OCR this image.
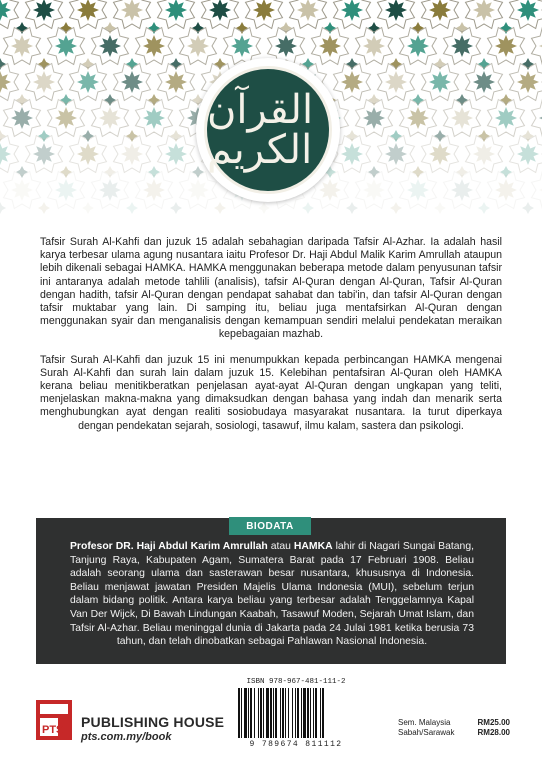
القرآن الكريم

Tafsir Surah Al-Kahfi dan juzuk 15 adalah sebahagian daripada Tafsir Al-Azhar. Ia adalah hasil karya terbesar ulama agung nusantara iaitu Profesor Dr. Haji Abdul Malik Karim Amrullah ataupun lebih dikenali sebagai HAMKA. HAMKA menggunakan beberapa metode dalam penyusunan tafsir ini antaranya adalah metode tahlili (analisis), tafsir Al-Quran dengan Al-Quran, Tafsir Al-Quran dengan hadith, tafsir Al-Quran dengan pendapat sahabat dan tabi'in, dan tafsir Al-Quran dengan tafsir muktabar yang lain. Di samping itu, beliau juga mentafsirkan Al-Quran dengan menggunakan syair dan menganalisis dengan kemampuan sendiri melalui pendekatan meraikan kepebagaian mazhab.

Tafsir Surah Al-Kahfi dan juzuk 15 ini menumpukkan kepada perbincangan HAMKA mengenai Surah Al-Kahfi dan surah lain dalam juzuk 15. Kelebihan pentafsiran Al-Quran oleh HAMKA kerana beliau menitikberatkan penjelasan ayat-ayat Al-Quran dengan ungkapan yang teliti, menjelaskan makna-makna yang dimaksudkan dengan bahasa yang indah dan menarik serta menghubungkan ayat dengan realiti sosiobudaya masyarakat nusantara. Ia turut diperkaya dengan pendekatan sejarah, sosiologi, tasawuf, ilmu kalam, sastera dan psikologi.

BIODATA
Profesor DR. Haji Abdul Karim Amrullah atau HAMKA lahir di Nagari Sungai Batang, Tanjung Raya, Kabupaten Agam, Sumatera Barat pada 17 Februari 1908. Beliau adalah seorang ulama dan sasterawan besar nusantara, khususnya di Indonesia. Beliau menjawat jawatan Presiden Majelis Ulama Indonesia (MUI), sebelum terjun dalam bidang politik. Antara karya beliau yang terbesar adalah Tenggelamnya Kapal Van Der Wijck, Di Bawah Lindungan Kaabah, Tasawuf Moden, Sejarah Umat Islam, dan Tafsir Al-Azhar. Beliau meninggal dunia di Jakarta pada 24 Julai 1981 ketika berusia 73 tahun, dan telah dinobatkan sebagai Pahlawan Nasional Indonesia.
PTS PUBLISHING HOUSE
pts.com.my/book
ISBN 978-967-481-111-2
9 789674 811112
Sem. Malaysia	RM25.00
Sabah/Sarawak	RM28.00
